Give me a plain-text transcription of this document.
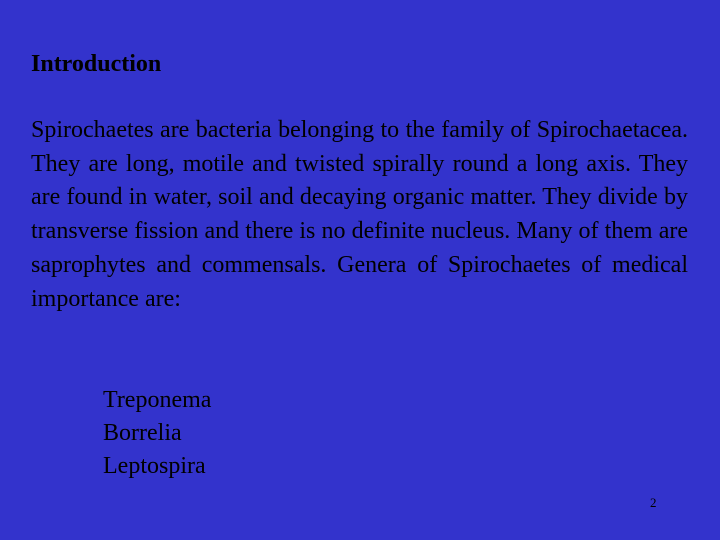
Introduction

Spirochaetes are bacteria belonging to the family of Spirochaetacea. They are long, motile and twisted spirally round a long axis. They are found in water, soil and decaying organic matter. They divide by transverse fission and there is no definite nucleus. Many of them are saprophytes and commensals. Genera of Spirochaetes of medical importance are:

Treponema
Borrelia
Leptospira
2
